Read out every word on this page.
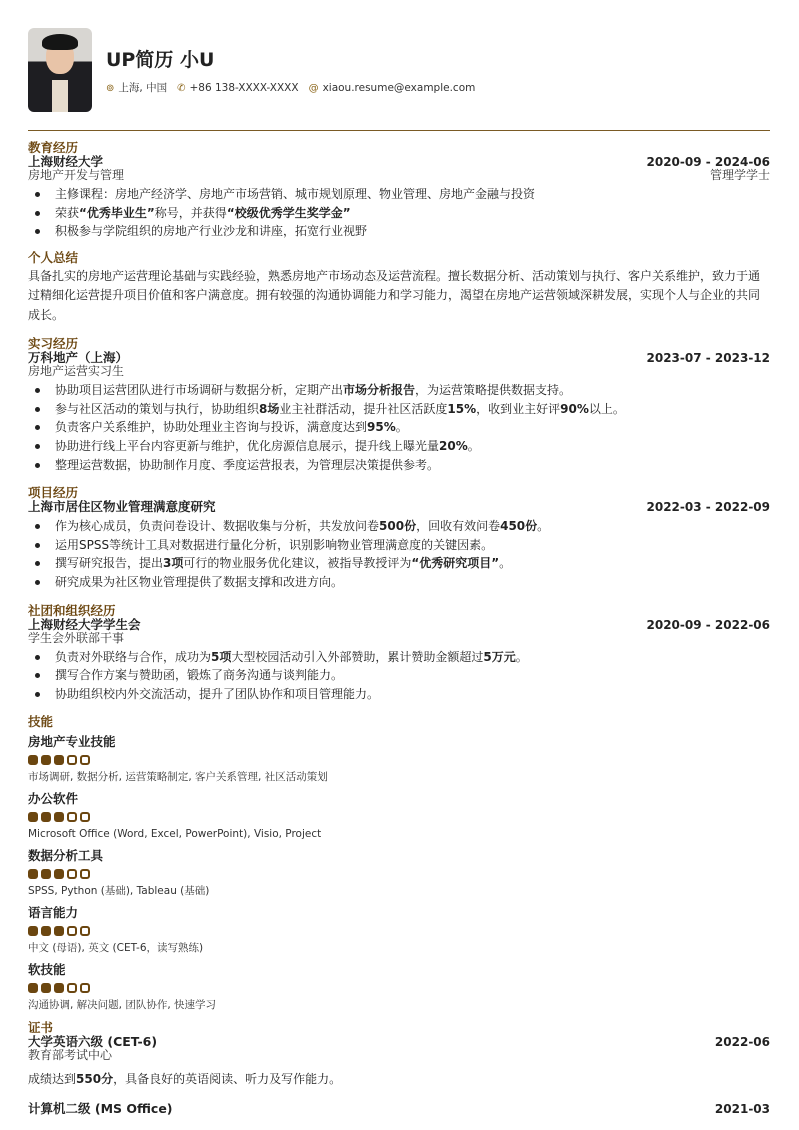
UP简历 小U
⊚ 上海, 中国 ✆ +86 138-XXXX-XXXX @ xiaou.resume@example.com
教育经历
上海财经大学	2020-09 - 2024-06
房地产开发与管理	管理学学士
主修课程：房地产经济学、房地产市场营销、城市规划原理、物业管理、房地产金融与投资
荣获“优秀毕业生”称号，并获得“校级优秀学生奖学金”
积极参与学院组织的房地产行业沙龙和讲座，拓宽行业视野
个人总结
具备扎实的房地产运营理论基础与实践经验，熟悉房地产市场动态及运营流程。擅长数据分析、活动策划与执行、客户关系维护，致力于通过精细化运营提升项目价值和客户满意度。拥有较强的沟通协调能力和学习能力，渴望在房地产运营领域深耕发展，实现个人与企业的共同成长。
实习经历
万科地产（上海）	2023-07 - 2023-12
房地产运营实习生
协助项目运营团队进行市场调研与数据分析，定期产出市场分析报告，为运营策略提供数据支持。
参与社区活动的策划与执行，协助组织8场业主社群活动，提升社区活跃度15%，收到业主好评90%以上。
负责客户关系维护，协助处理业主咨询与投诉，满意度达到95%。
协助进行线上平台内容更新与维护，优化房源信息展示，提升线上曝光量20%。
整理运营数据，协助制作月度、季度运营报表，为管理层决策提供参考。
项目经历
上海市居住区物业管理满意度研究	2022-03 - 2022-09
作为核心成员，负责问卷设计、数据收集与分析，共发放问卷500份，回收有效问卷450份。
运用SPSS等统计工具对数据进行量化分析，识别影响物业管理满意度的关键因素。
撰写研究报告，提出3项可行的物业服务优化建议，被指导教授评为“优秀研究项目”。
研究成果为社区物业管理提供了数据支撑和改进方向。
社团和组织经历
上海财经大学学生会	2020-09 - 2022-06
学生会外联部干事
负责对外联络与合作，成功为5项大型校园活动引入外部赞助，累计赞助金额超过5万元。
撰写合作方案与赞助函，锻炼了商务沟通与谈判能力。
协助组织校内外交流活动，提升了团队协作和项目管理能力。
技能
房地产专业技能
市场调研, 数据分析, 运营策略制定, 客户关系管理, 社区活动策划
办公软件
Microsoft Office (Word, Excel, PowerPoint), Visio, Project
数据分析工具
SPSS, Python (基础), Tableau (基础)
语言能力
中文 (母语), 英文 (CET-6，读写熟练)
软技能
沟通协调, 解决问题, 团队协作, 快速学习
证书
大学英语六级 (CET-6)	2022-06
教育部考试中心
成绩达到550分，具备良好的英语阅读、听力及写作能力。
计算机二级 (MS Office)	2021-03
